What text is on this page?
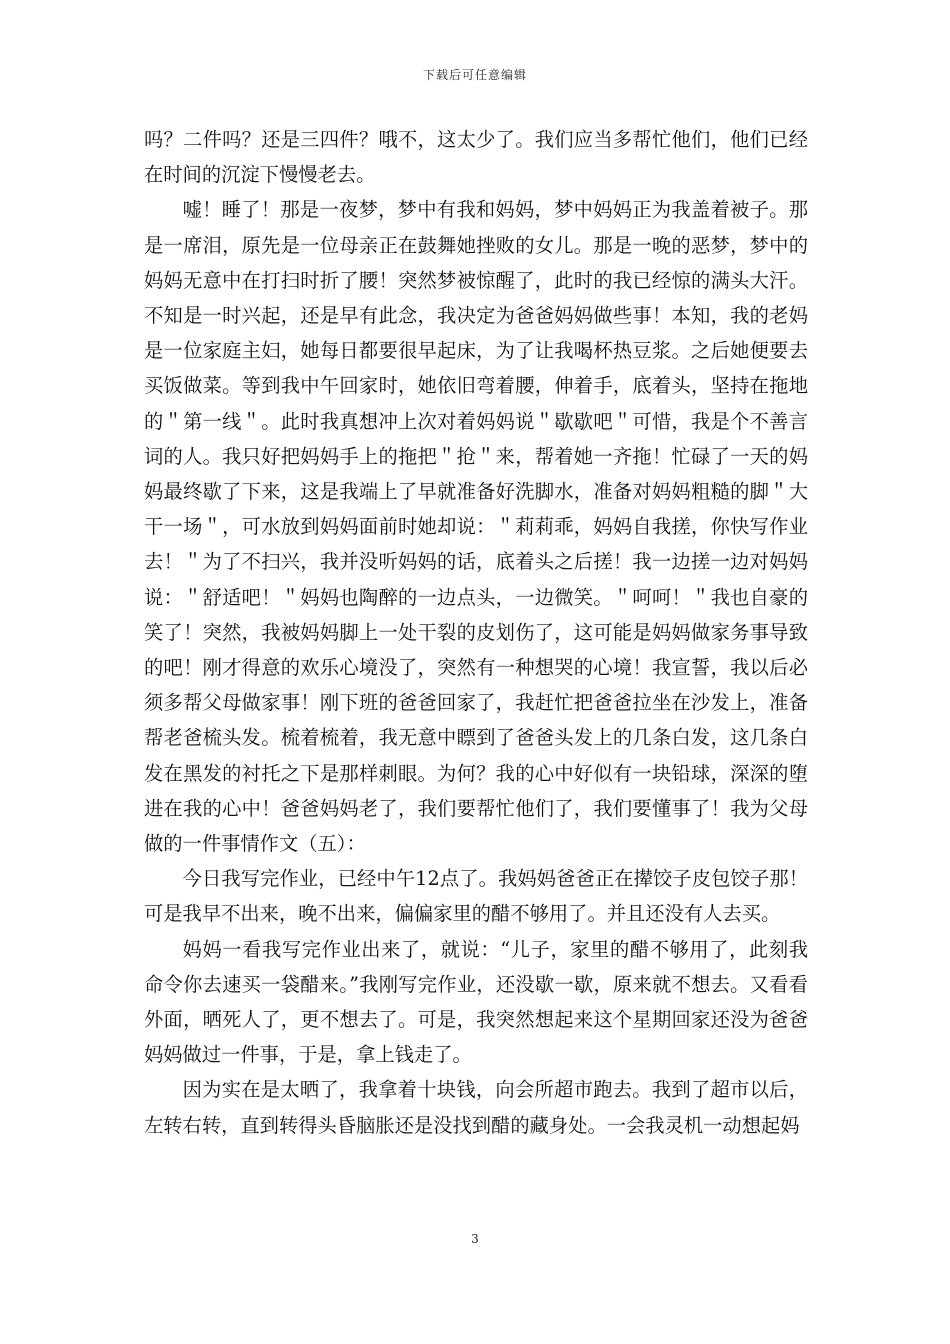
下载后可任意编辑

吗？二件吗？还是三四件？哦不，这太少了。我们应当多帮忙他们，他们已经在时间的沉淀下慢慢老去。

嘘！睡了！那是一夜梦，梦中有我和妈妈，梦中妈妈正为我盖着被子。那是一席泪，原先是一位母亲正在鼓舞她挫败的女儿。那是一晚的恶梦，梦中的妈妈无意中在打扫时折了腰！突然梦被惊醒了，此时的我已经惊的满头大汗。不知是一时兴起，还是早有此念，我决定为爸爸妈妈做些事！本知，我的老妈是一位家庭主妇，她每日都要很早起床，为了让我喝杯热豆浆。之后她便要去买饭做菜。等到我中午回家时，她依旧弯着腰，伸着手，底着头，坚持在拖地的＂第一线＂。此时我真想冲上次对着妈妈说＂歇歇吧＂可惜，我是个不善言词的人。我只好把妈妈手上的拖把＂抢＂来，帮着她一齐拖！忙碌了一天的妈妈最终歇了下来，这是我端上了早就准备好洗脚水，准备对妈妈粗糙的脚＂大干一场＂，可水放到妈妈面前时她却说：＂莉莉乖，妈妈自我搓，你快写作业去！＂为了不扫兴，我并没听妈妈的话，底着头之后搓！我一边搓一边对妈妈说：＂舒适吧！＂妈妈也陶醉的一边点头，一边微笑。＂呵呵！＂我也自豪的笑了！突然，我被妈妈脚上一处干裂的皮划伤了，这可能是妈妈做家务事导致的吧！刚才得意的欢乐心境没了，突然有一种想哭的心境！我宣誓，我以后必须多帮父母做家事！刚下班的爸爸回家了，我赶忙把爸爸拉坐在沙发上，准备帮老爸梳头发。梳着梳着，我无意中瞟到了爸爸头发上的几条白发，这几条白发在黑发的衬托之下是那样刺眼。为何？我的心中好似有一块铅球，深深的堕进在我的心中！爸爸妈妈老了，我们要帮忙他们了，我们要懂事了！我为父母做的一件事情作文（五）：

今日我写完作业，已经中午12点了。我妈妈爸爸正在撵饺子皮包饺子那！可是我早不出来，晚不出来，偏偏家里的醋不够用了。并且还没有人去买。

妈妈一看我写完作业出来了，就说：“儿子，家里的醋不够用了，此刻我命令你去速买一袋醋来。”我刚写完作业，还没歇一歇，原来就不想去。又看看外面，晒死人了，更不想去了。可是，我突然想起来这个星期回家还没为爸爸妈妈做过一件事，于是，拿上钱走了。

因为实在是太晒了，我拿着十块钱，向会所超市跑去。我到了超市以后，左转右转，直到转得头昏脑胀还是没找到醋的藏身处。一会我灵机一动想起妈

3
